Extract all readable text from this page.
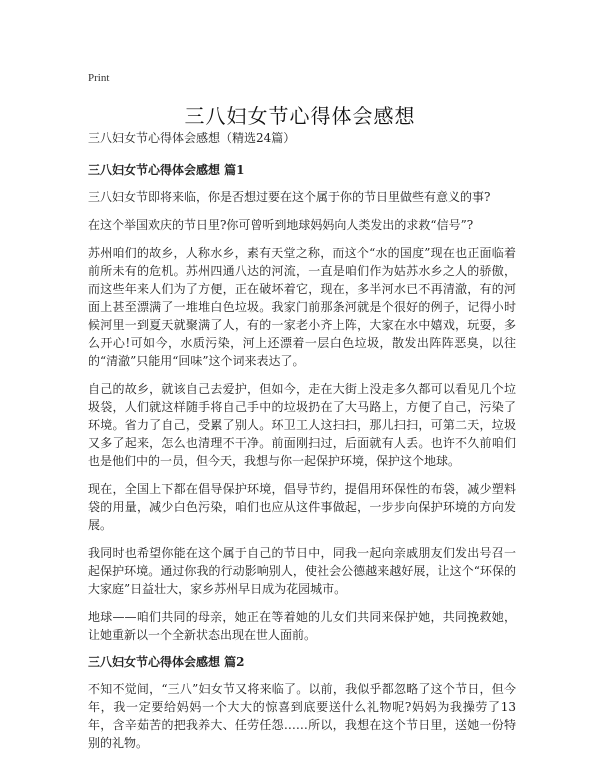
Print
三八妇女节心得体会感想
三八妇女节心得体会感想（精选24篇）
三八妇女节心得体会感想 篇1

三八妇女节即将来临，你是否想过要在这个属于你的节日里做些有意义的事?

在这个举国欢庆的节日里?你可曾听到地球妈妈向人类发出的求救“信号”?

苏州咱们的故乡，人称水乡，素有天堂之称，而这个“水的国度”现在也正面临着前所未有的危机。苏州四通八达的河流，一直是咱们作为姑苏水乡之人的骄傲，而这些年来人们为了方便，正在破坏着它，现在，多半河水已不再清澈，有的河面上甚至漂满了一堆堆白色垃圾。我家门前那条河就是个很好的例子，记得小时候河里一到夏天就聚满了人，有的一家老小齐上阵，大家在水中嬉戏，玩耍，多么开心!可如今，水质污染，河上还漂着一层白色垃圾，散发出阵阵恶臭，以往的“清澈”只能用“回味”这个词来表达了。

自己的故乡，就该自己去爱护，但如今，走在大街上没走多久都可以看见几个垃圾袋，人们就这样随手将自己手中的垃圾扔在了大马路上，方便了自己，污染了环境。省力了自己，受累了别人。环卫工人这扫扫，那儿扫扫，可第二天，垃圾又多了起来，怎么也清理不干净。前面刚扫过，后面就有人丢。也许不久前咱们也是他们中的一员，但今天，我想与你一起保护环境，保护这个地球。

现在，全国上下都在倡导保护环境，倡导节约，提倡用环保性的布袋，减少塑料袋的用量，减少白色污染，咱们也应从这件事做起，一步步向保护环境的方向发展。

我同时也希望你能在这个属于自己的节日中，同我一起向亲戚朋友们发出号召一起保护环境。通过你我的行动影响别人，使社会公德越来越好展，让这个“环保的大家庭”日益壮大，家乡苏州早日成为花园城市。

地球——咱们共同的母亲，她正在等着她的儿女们共同来保护她，共同挽救她，让她重新以一个全新状态出现在世人面前。

三八妇女节心得体会感想 篇2

不知不觉间，“三八”妇女节又将来临了。以前，我似乎都忽略了这个节日，但今年，我一定要给妈妈一个大大的惊喜到底要送什么礼物呢?妈妈为我操劳了13年，含辛茹苦的把我养大、任劳任怨……所以，我想在这个节日里，送她一份特别的礼物。
